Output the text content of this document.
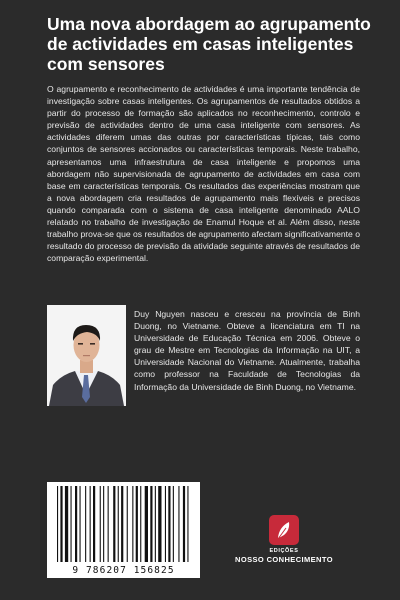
Uma nova abordagem ao agrupamento de actividades em casas inteligentes com sensores

O agrupamento e reconhecimento de actividades é uma importante tendência de investigação sobre casas inteligentes. Os agrupamentos de resultados obtidos a partir do processo de formação são aplicados no reconhecimento, controlo e previsão de actividades dentro de uma casa inteligente com sensores. As actividades diferem umas das outras por características típicas, tais como conjuntos de sensores accionados ou características temporais. Neste trabalho, apresentamos uma infraestrutura de casa inteligente e propomos uma abordagem não supervisionada de agrupamento de actividades em casa com base em características temporais. Os resultados das experiências mostram que a nova abordagem cria resultados de agrupamento mais flexíveis e precisos quando comparada com o sistema de casa inteligente denominado AALO relatado no trabalho de investigação de Enamul Hoque et al. Além disso, neste trabalho prova-se que os resultados de agrupamento afectam significativamente o resultado do processo de previsão da atividade seguinte através de resultados de comparação experimental.

Duy Nguyen nasceu e cresceu na província de Binh Duong, no Vietname. Obteve a licenciatura em TI na Universidade de Educação Técnica em 2006. Obteve o grau de Mestre em Tecnologias da Informação na UIT, a Universidade Nacional do Vietname. Atualmente, trabalha como professor na Faculdade de Tecnologias da Informação da Universidade de Binh Duong, no Vietname.

9 786207 156825
EDIÇÕES
NOSSO CONHECIMENTO
